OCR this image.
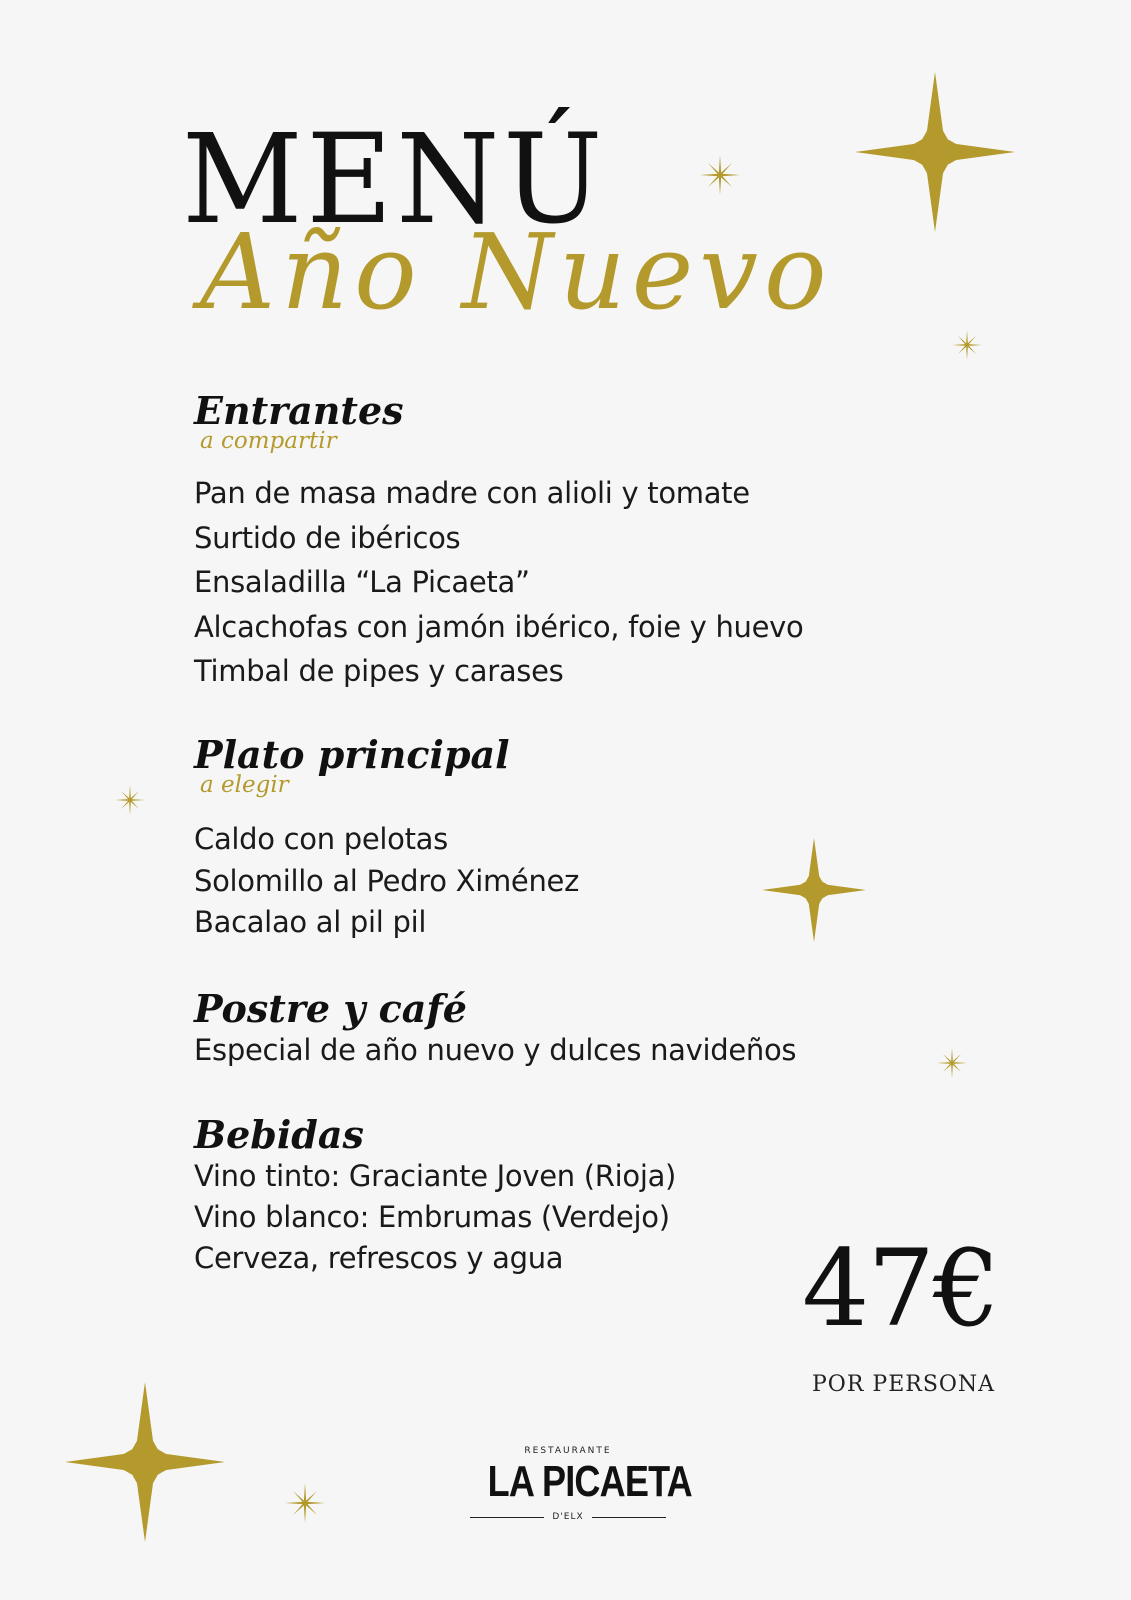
MENÚ
Año Nuevo
Entrantes
a compartir
Pan de masa madre con alioli y tomate
Surtido de ibéricos
Ensaladilla “La Picaeta”
Alcachofas con jamón ibérico, foie y huevo
Timbal de pipes y carases
Plato principal
a elegir
Caldo con pelotas
Solomillo al Pedro Ximénez
Bacalao al pil pil
Postre y café
Especial de año nuevo y dulces navideños
Bebidas
Vino tinto: Graciante Joven (Rioja)
Vino blanco: Embrumas (Verdejo)
Cerveza, refrescos y agua	47€
POR PERSONA
RESTAURANTE
LA PICAETA
D'ELX
